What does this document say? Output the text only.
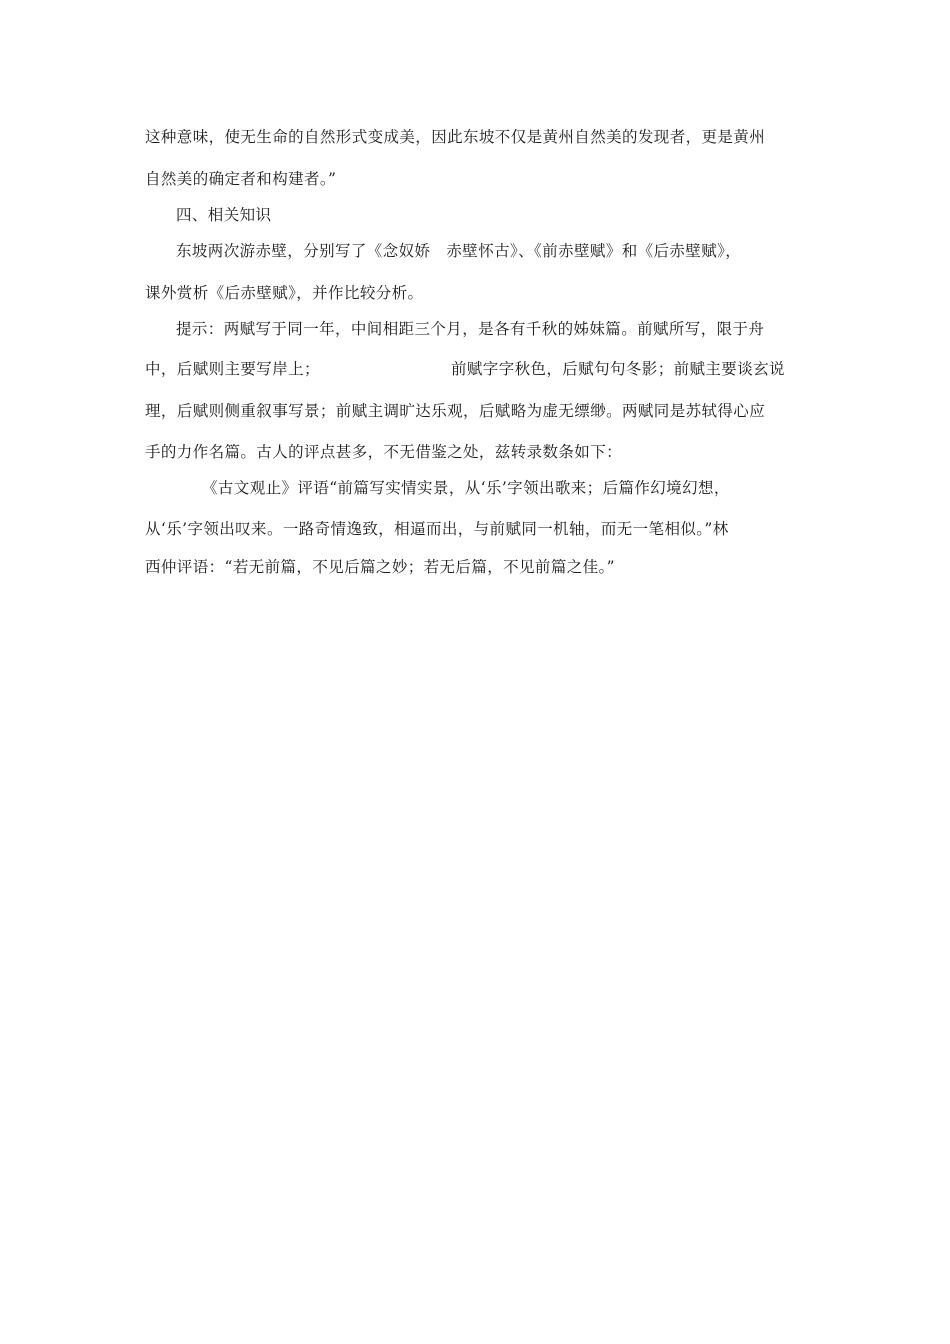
这种意味，使无生命的自然形式变成美，因此东坡不仅是黄州自然美的发现者，更是黄州
自然美的确定者和构建者。”
四、相关知识
东坡两次游赤壁，分别写了《念奴娇 赤壁怀古》、《前赤壁赋》和《后赤壁赋》，
课外赏析《后赤壁赋》，并作比较分析。
提示：两赋写于同一年，中间相距三个月，是各有千秋的姊妹篇。前赋所写，限于舟
中，后赋则主要写岸上；	前赋字字秋色，后赋句句冬影；前赋主要谈玄说
理，后赋则侧重叙事写景；前赋主调旷达乐观，后赋略为虚无缥缈。两赋同是苏轼得心应
手的力作名篇。古人的评点甚多，不无借鉴之处，兹转录数条如下：
《古文观止》评语“前篇写实情实景，从‘乐’字领出歌来；后篇作幻境幻想，
从‘乐’字领出叹来。一路奇情逸致，相逼而出，与前赋同一机轴，而无一笔相似。”林
西仲评语：“若无前篇，不见后篇之妙；若无后篇，不见前篇之佳。”
